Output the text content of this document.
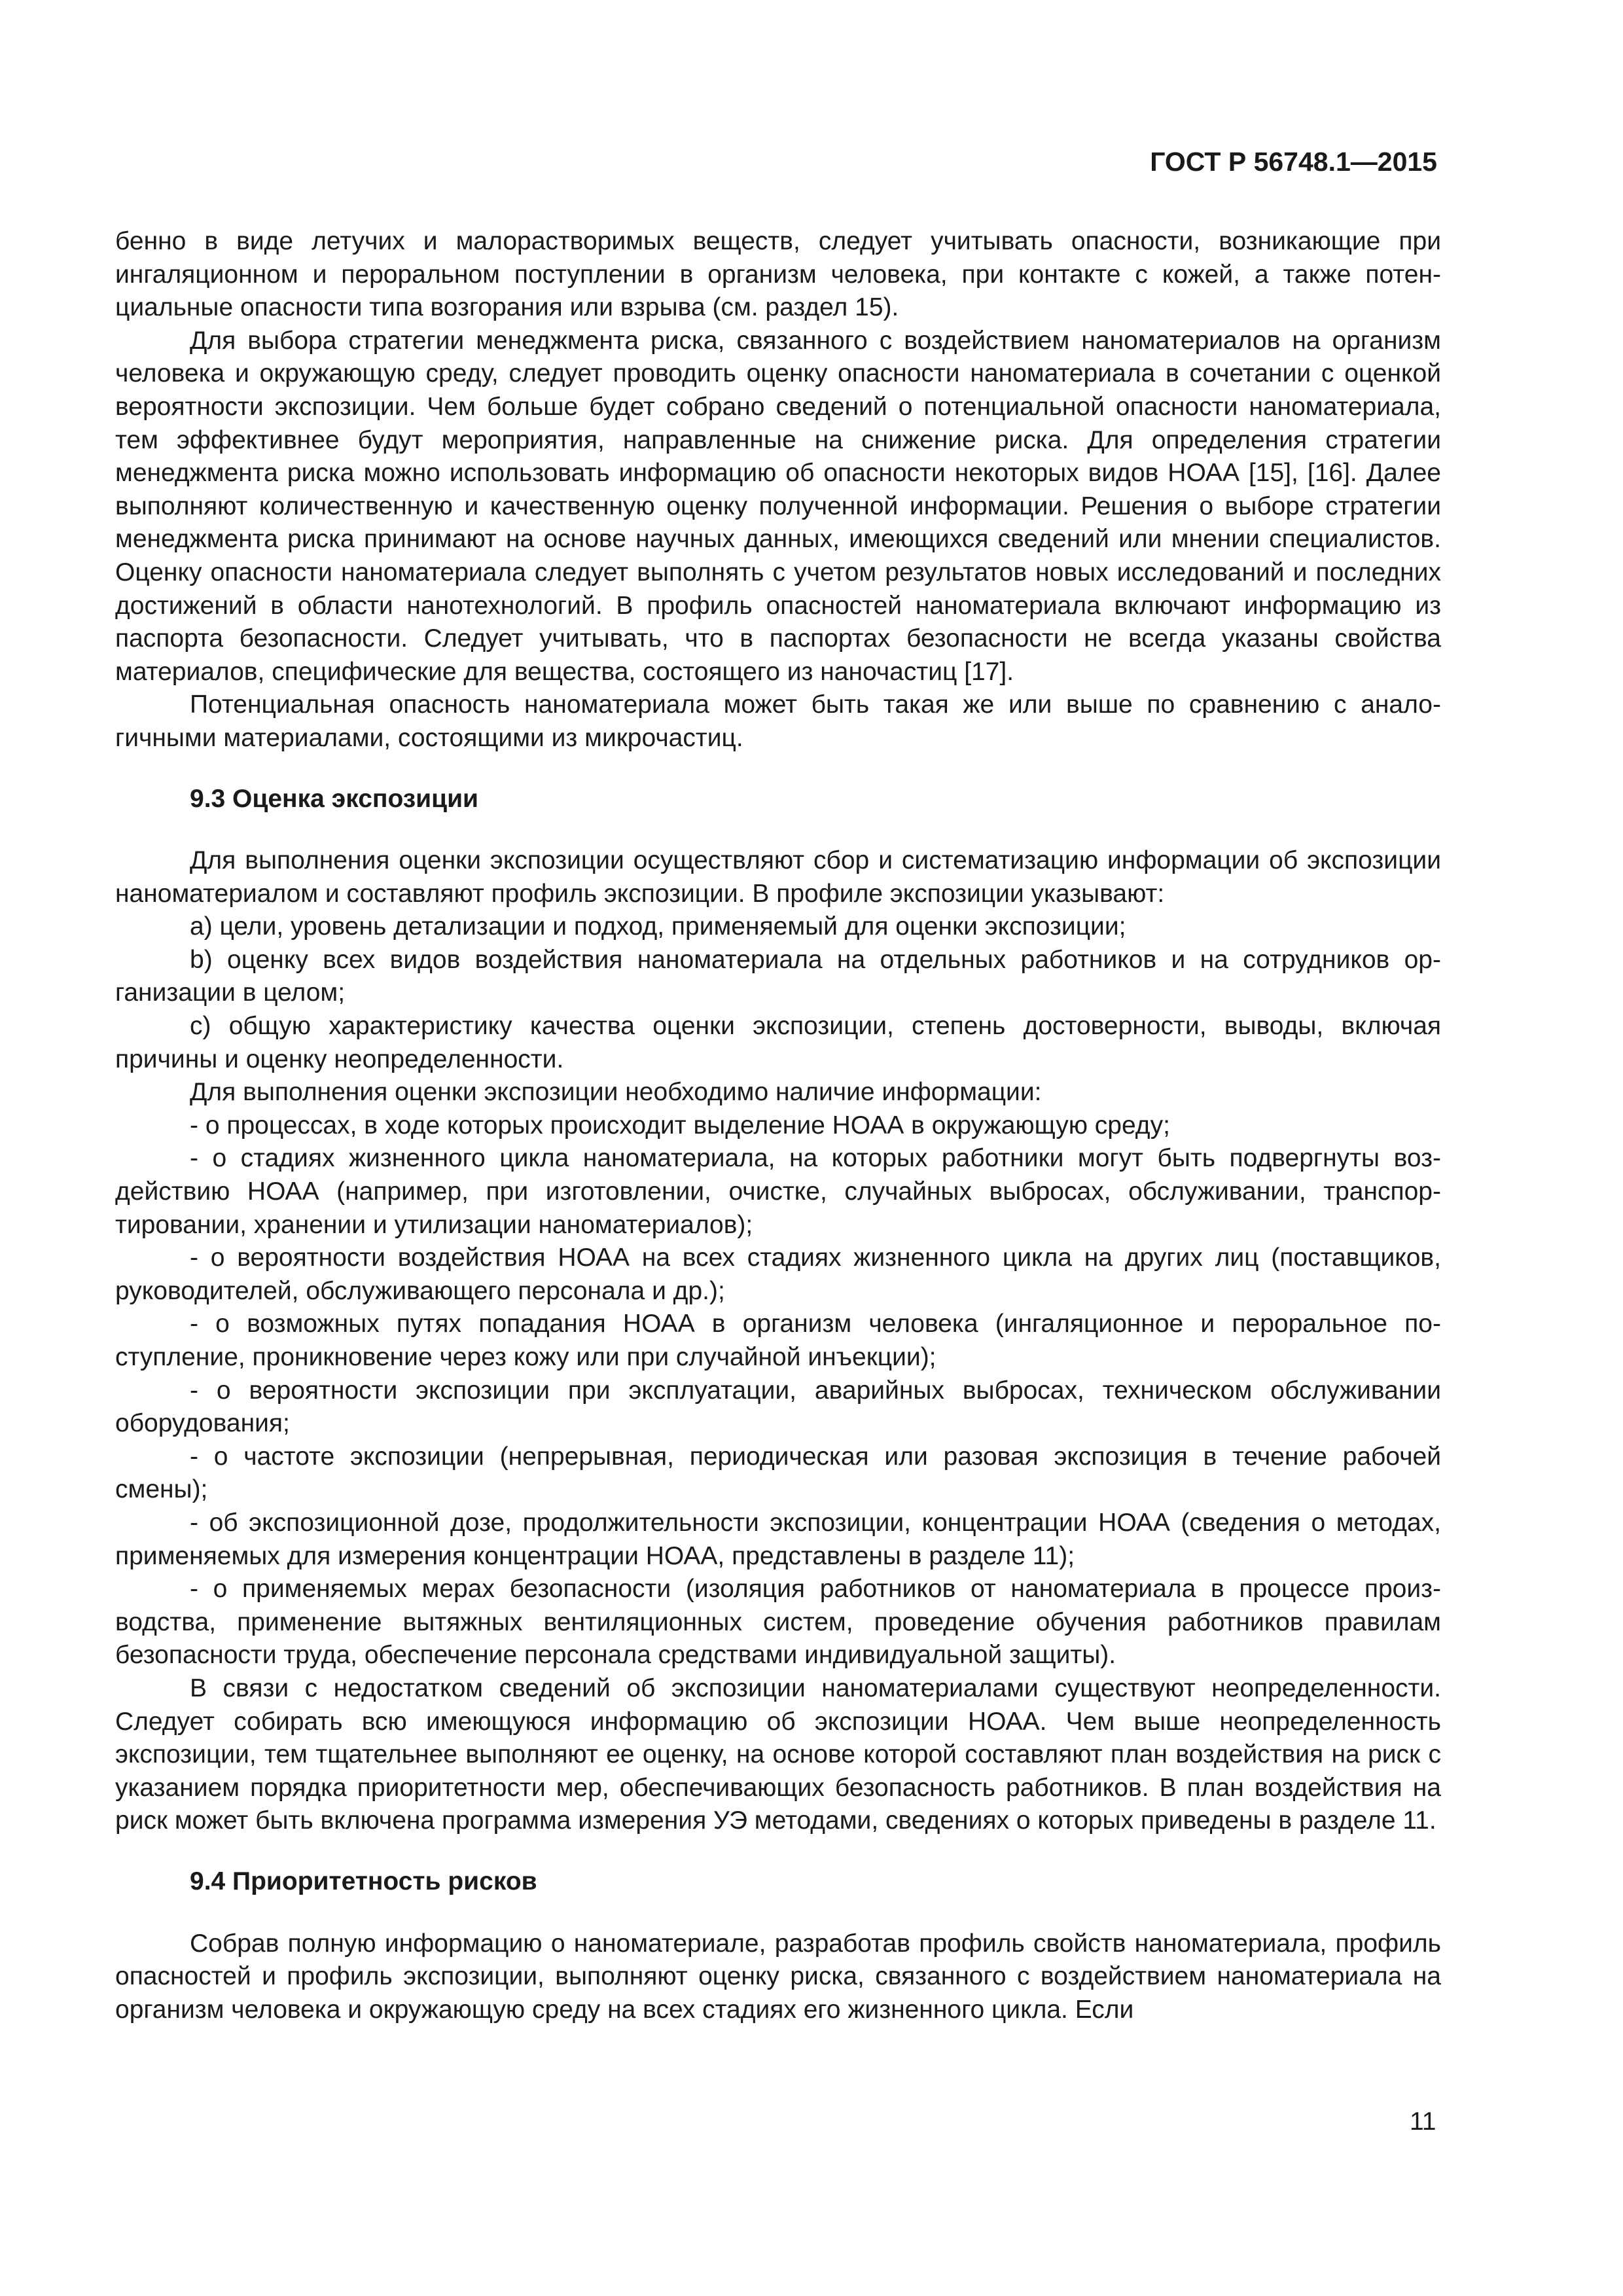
ГОСТ Р 56748.1—2015

бенно в виде летучих и малорастворимых веществ, следует учитывать опасности, возникающие при ингаляционном и пероральном поступлении в организм человека, при контакте с кожей, а также потенциальные опасности типа возгорания или взрыва (см. раздел 15).

Для выбора стратегии менеджмента риска, связанного с воздействием наноматериалов на организм человека и окружающую среду, следует проводить оценку опасности наноматериала в сочетании с оценкой вероятности экспозиции. Чем больше будет собрано сведений о потенциальной опасности наноматериала, тем эффективнее будут мероприятия, направленные на снижение риска. Для определения стратегии менеджмента риска можно использовать информацию об опасности некоторых видов НОАА [15], [16]. Далее выполняют количественную и качественную оценку полученной информации. Решения о выборе стратегии менеджмента риска принимают на основе научных данных, имеющихся сведений или мнении специалистов. Оценку опасности наноматериала следует выполнять с учетом результатов новых исследований и последних достижений в области нанотехнологий. В профиль опасностей наноматериала включают информацию из паспорта безопасности. Следует учитывать, что в паспортах безопасности не всегда указаны свойства материалов, специфические для вещества, состоящего из наночастиц [17].

Потенциальная опасность наноматериала может быть такая же или выше по сравнению с аналогичными материалами, состоящими из микрочастиц.

9.3 Оценка экспозиции

Для выполнения оценки экспозиции осуществляют сбор и систематизацию информации об экспозиции наноматериалом и составляют профиль экспозиции. В профиле экспозиции указывают:

a) цели, уровень детализации и подход, применяемый для оценки экспозиции;

b) оценку всех видов воздействия наноматериала на отдельных работников и на сотрудников организации в целом;

c) общую характеристику качества оценки экспозиции, степень достоверности, выводы, включая причины и оценку неопределенности.

Для выполнения оценки экспозиции необходимо наличие информации:

- о процессах, в ходе которых происходит выделение НОАА в окружающую среду;

- о стадиях жизненного цикла наноматериала, на которых работники могут быть подвергнуты воздействию НОАА (например, при изготовлении, очистке, случайных выбросах, обслуживании, транспортировании, хранении и утилизации наноматериалов);

- о вероятности воздействия НОАА на всех стадиях жизненного цикла на других лиц (поставщиков, руководителей, обслуживающего персонала и др.);

- о возможных путях попадания НОАА в организм человека (ингаляционное и пероральное поступление, проникновение через кожу или при случайной инъекции);

- о вероятности экспозиции при эксплуатации, аварийных выбросах, техническом обслуживании оборудования;

- о частоте экспозиции (непрерывная, периодическая или разовая экспозиция в течение рабочей смены);

- об экспозиционной дозе, продолжительности экспозиции, концентрации НОАА (сведения о методах, применяемых для измерения концентрации НОАА, представлены в разделе 11);

- о применяемых мерах безопасности (изоляция работников от наноматериала в процессе производства, применение вытяжных вентиляционных систем, проведение обучения работников правилам безопасности труда, обеспечение персонала средствами индивидуальной защиты).

В связи с недостатком сведений об экспозиции наноматериалами существуют неопределенности. Следует собирать всю имеющуюся информацию об экспозиции НОАА. Чем выше неопределенность экспозиции, тем тщательнее выполняют ее оценку, на основе которой составляют план воздействия на риск с указанием порядка приоритетности мер, обеспечивающих безопасность работников. В план воздействия на риск может быть включена программа измерения УЭ методами, сведениях о которых приведены в разделе 11.

9.4 Приоритетность рисков

Собрав полную информацию о наноматериале, разработав профиль свойств наноматериала, профиль опасностей и профиль экспозиции, выполняют оценку риска, связанного с воздействием наноматериала на организм человека и окружающую среду на всех стадиях его жизненного цикла. Если

11
